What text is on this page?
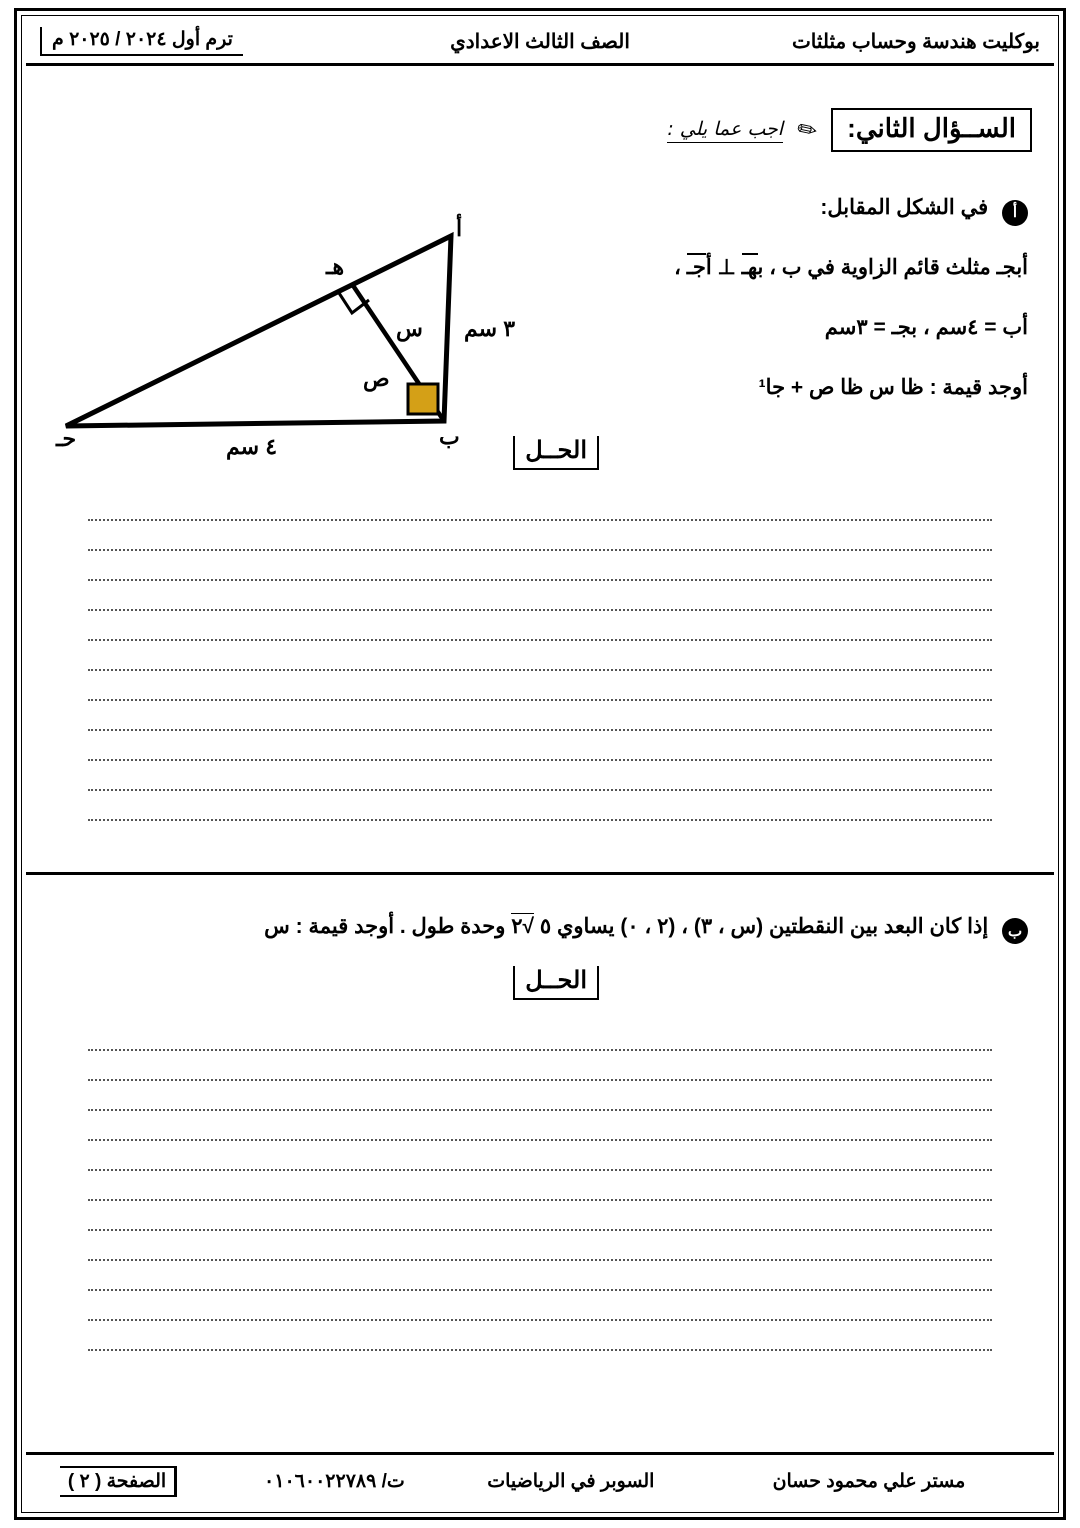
بوكليت هندسة وحساب مثلثات
الصف الثالث الاعدادي
ترم أول ٢٠٢٤ / ٢٠٢٥ م
الســؤال الثاني:
✏
اجب عما يلي :
أ في الشكل المقابل:
أبجـ مثلث قائم الزاوية في ب ، بهـ ⊥ أجـ ،
أب = ٤سم ، بجـ = ٣سم
أوجد قيمة : ظا س ظا ص + جا¹
أ
ب
حـ
هـ
س
ص
٣ سم
٤ سم	الحــل
ب إذا كان البعد بين النقطتين (س ، ٣) ، (٢ ، ٠) يساوي ٥ √٢
وحدة طول . أوجد قيمة : س
الحــل
مستر علي محمود حسان
السوبر في الرياضيات
ت/ ٠١٠٦٠٠٢٢٧٨٩
الصفحة ( ٢ )
